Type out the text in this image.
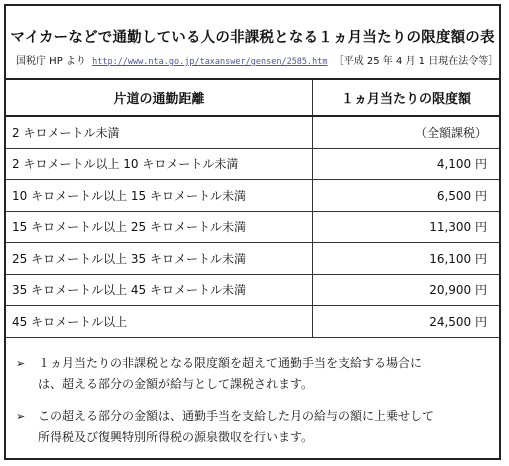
マイカーなどで通勤している人の非課税となる１ヵ月当たりの限度額の表
国税庁 HP より http://www.nta.go.jp/taxanswer/gensen/2585.htm ［平成 25 年 4 月 1 日現在法令等］
片道の通勤距離	１ヵ月当たりの限度額
2 キロメートル未満	（全額課税）
2 キロメートル以上 10 キロメートル未満	4,100 円
10 キロメートル以上 15 キロメートル未満	6,500 円
15 キロメートル以上 25 キロメートル未満	11,300 円
25 キロメートル以上 35 キロメートル未満	16,100 円
35 キロメートル以上 45 キロメートル未満	20,900 円
45 キロメートル以上	24,500 円
➢ １ヵ月当たりの非課税となる限度額を超えて通勤手当を支給する場合に
は、超える部分の金額が給与として課税されます。
➢ この超える部分の金額は、通勤手当を支給した月の給与の額に上乗せして
所得税及び復興特別所得税の源泉徴収を行います。
